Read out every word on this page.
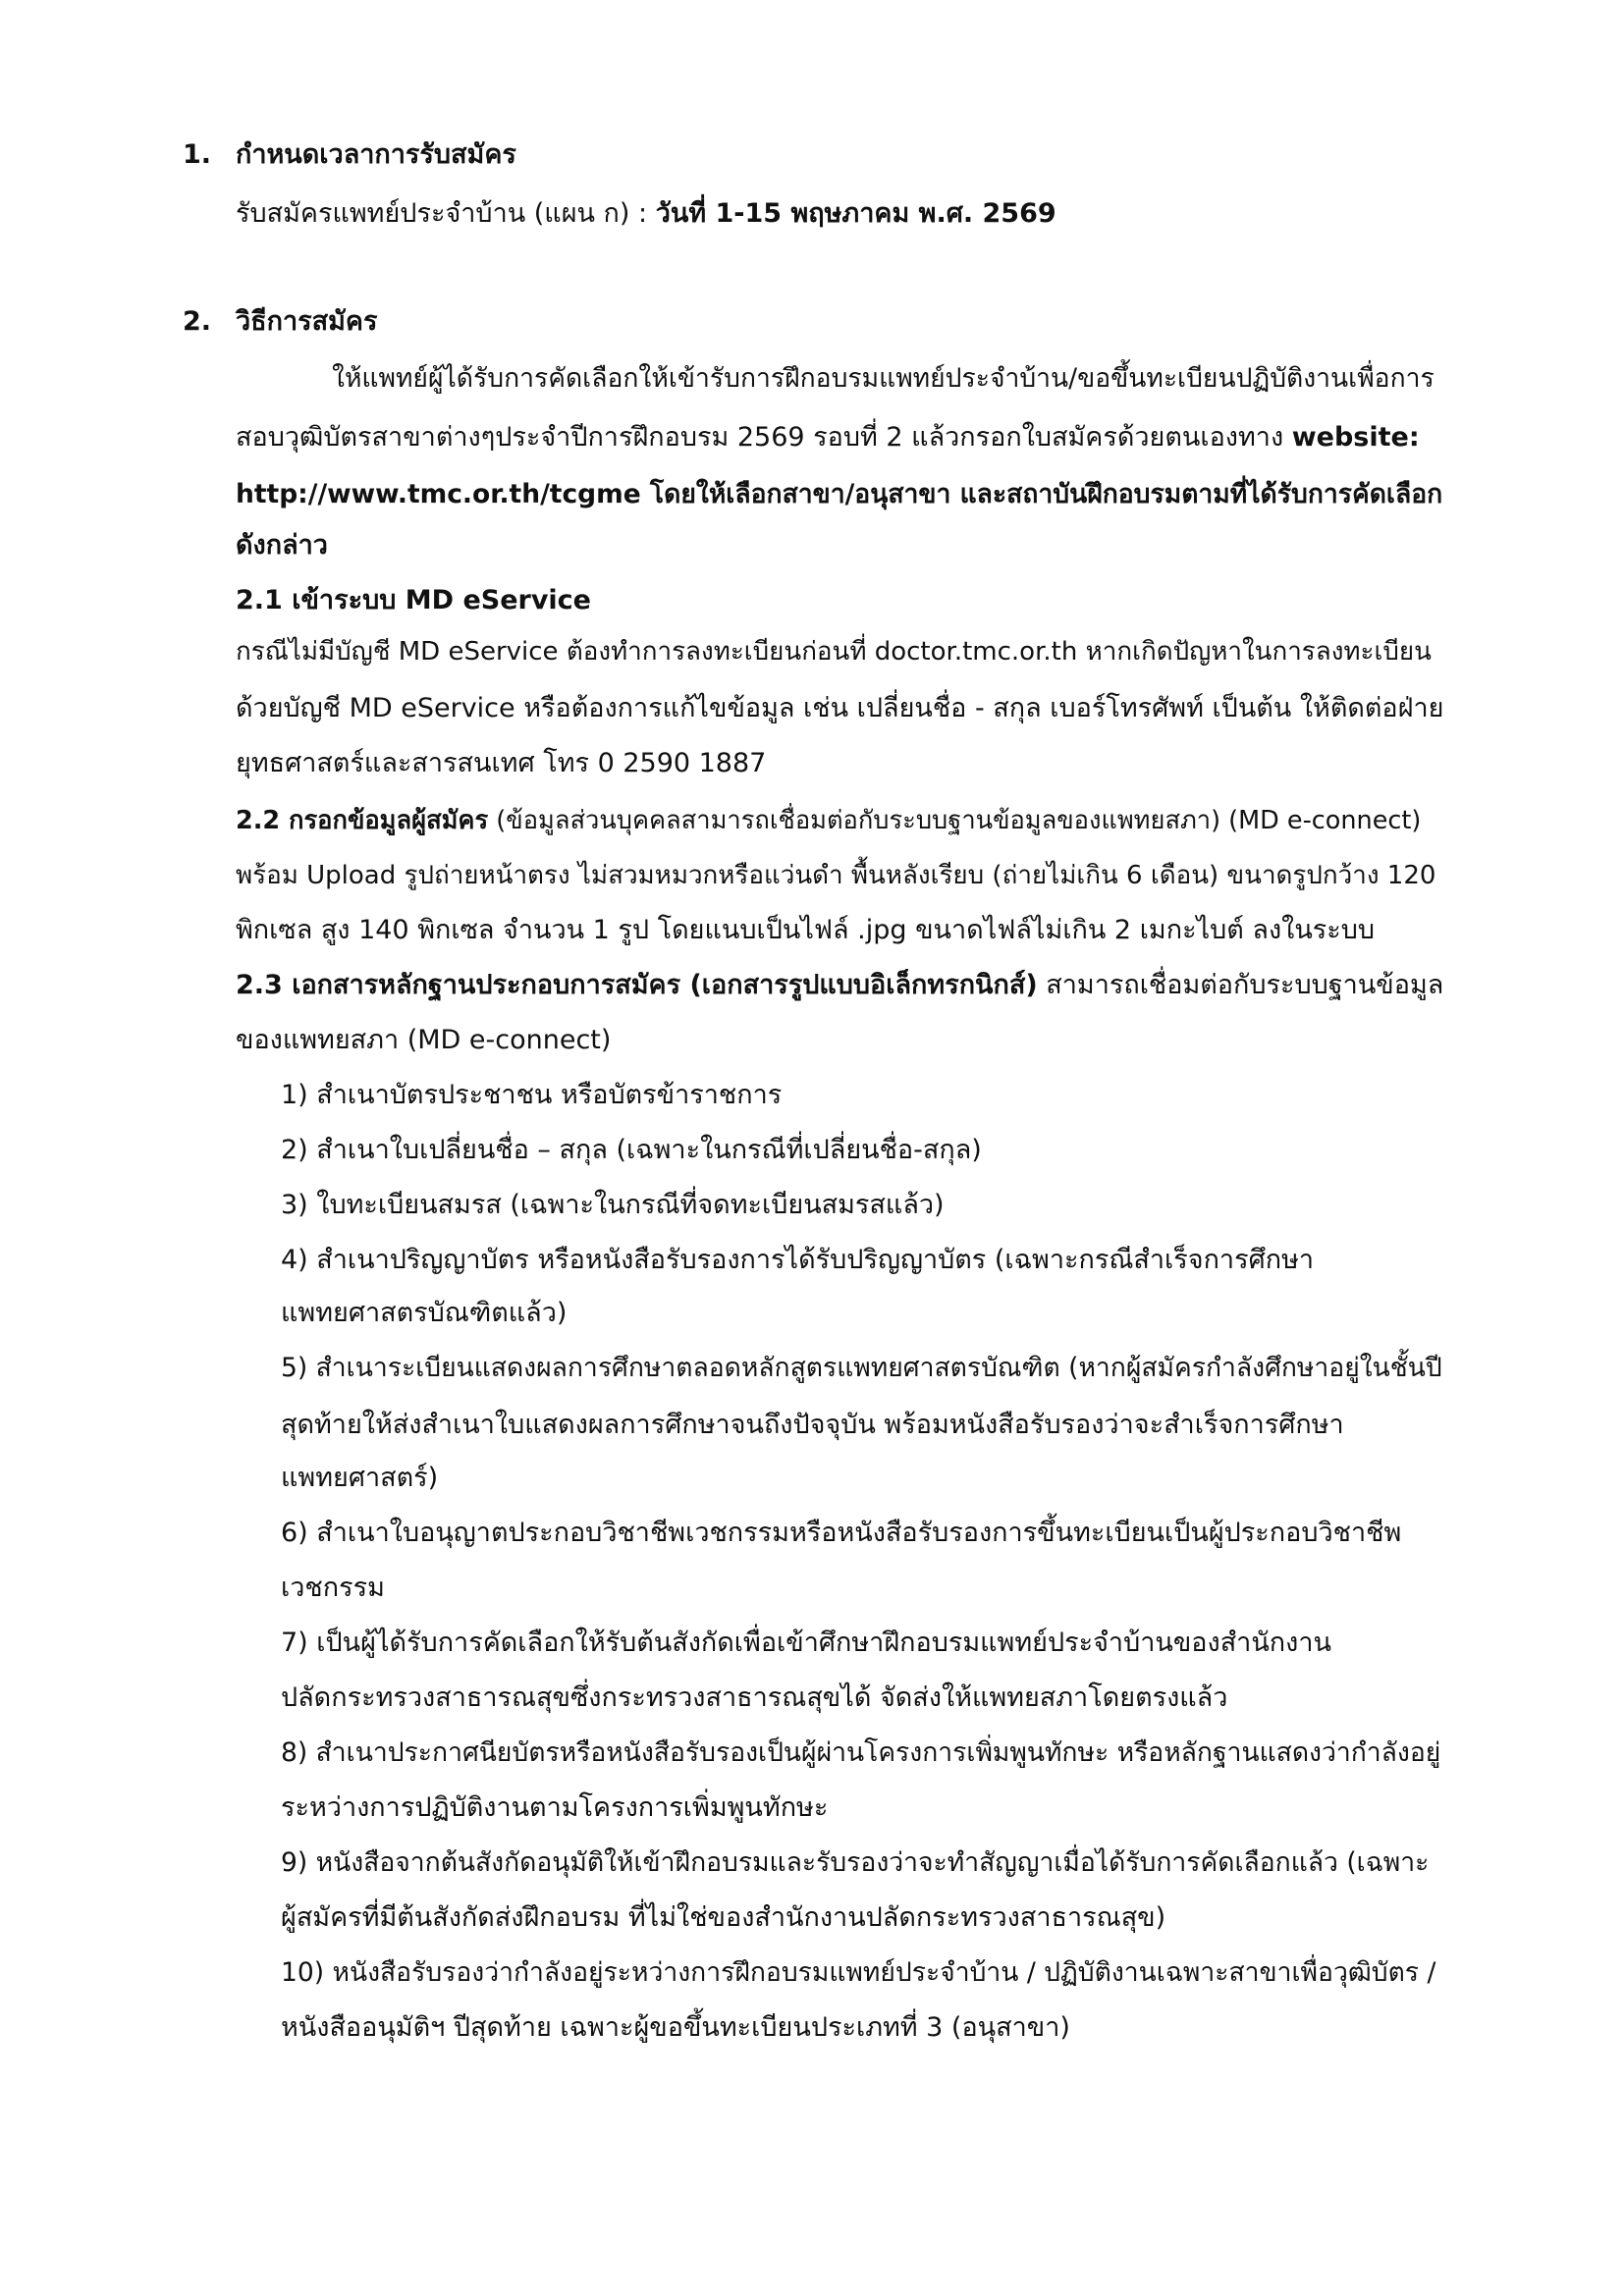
1. กำหนดเวลาการรับสมัคร
รับสมัครแพทย์ประจำบ้าน (แผน ก) : วันที่ 1-15 พฤษภาคม พ.ศ. 2569
2. วิธีการสมัคร
ให้แพทย์ผู้ได้รับการคัดเลือกให้เข้ารับการฝึกอบรมแพทย์ประจำบ้าน/ขอขึ้นทะเบียนปฏิบัติงานเพื่อการ
สอบวุฒิบัตรสาขาต่างๆประจำปีการฝึกอบรม 2569 รอบที่ 2 แล้วกรอกใบสมัครด้วยตนเองทาง website:
http://www.tmc.or.th/tcgme โดยให้เลือกสาขา/อนุสาขา และสถาบันฝึกอบรมตามที่ได้รับการคัดเลือก
ดังกล่าว
2.1 เข้าระบบ MD eService
กรณีไม่มีบัญชี MD eService ต้องทำการลงทะเบียนก่อนที่ doctor.tmc.or.th หากเกิดปัญหาในการลงทะเบียน
ด้วยบัญชี MD eService หรือต้องการแก้ไขข้อมูล เช่น เปลี่ยนชื่อ - สกุล เบอร์โทรศัพท์ เป็นต้น ให้ติดต่อฝ่าย
ยุทธศาสตร์และสารสนเทศ โทร 0 2590 1887
2.2 กรอกข้อมูลผู้สมัคร (ข้อมูลส่วนบุคคลสามารถเชื่อมต่อกับระบบฐานข้อมูลของแพทยสภา) (MD e-connect)
พร้อม Upload รูปถ่ายหน้าตรง ไม่สวมหมวกหรือแว่นดำ พื้นหลังเรียบ (ถ่ายไม่เกิน 6 เดือน) ขนาดรูปกว้าง 120
พิกเซล สูง 140 พิกเซล จำนวน 1 รูป โดยแนบเป็นไฟล์ .jpg ขนาดไฟล์ไม่เกิน 2 เมกะไบต์ ลงในระบบ
2.3 เอกสารหลักฐานประกอบการสมัคร (เอกสารรูปแบบอิเล็กทรกนิกส์) สามารถเชื่อมต่อกับระบบฐานข้อมูล
ของแพทยสภา (MD e-connect)
1) สำเนาบัตรประชาชน หรือบัตรข้าราชการ
2) สำเนาใบเปลี่ยนชื่อ – สกุล (เฉพาะในกรณีที่เปลี่ยนชื่อ-สกุล)
3) ใบทะเบียนสมรส (เฉพาะในกรณีที่จดทะเบียนสมรสแล้ว)
4) สำเนาปริญญาบัตร หรือหนังสือรับรองการได้รับปริญญาบัตร (เฉพาะกรณีสำเร็จการศึกษา
แพทยศาสตรบัณฑิตแล้ว)
5) สำเนาระเบียนแสดงผลการศึกษาตลอดหลักสูตรแพทยศาสตรบัณฑิต (หากผู้สมัครกำลังศึกษาอยู่ในชั้นปี
สุดท้ายให้ส่งสำเนาใบแสดงผลการศึกษาจนถึงปัจจุบัน พร้อมหนังสือรับรองว่าจะสำเร็จการศึกษา
แพทยศาสตร์)
6) สำเนาใบอนุญาตประกอบวิชาชีพเวชกรรมหรือหนังสือรับรองการขึ้นทะเบียนเป็นผู้ประกอบวิชาชีพ
เวชกรรม
7) เป็นผู้ได้รับการคัดเลือกให้รับต้นสังกัดเพื่อเข้าศึกษาฝึกอบรมแพทย์ประจำบ้านของสำนักงาน
ปลัดกระทรวงสาธารณสุขซึ่งกระทรวงสาธารณสุขได้ จัดส่งให้แพทยสภาโดยตรงแล้ว
8) สำเนาประกาศนียบัตรหรือหนังสือรับรองเป็นผู้ผ่านโครงการเพิ่มพูนทักษะ หรือหลักฐานแสดงว่ากำลังอยู่
ระหว่างการปฏิบัติงานตามโครงการเพิ่มพูนทักษะ
9) หนังสือจากต้นสังกัดอนุมัติให้เข้าฝึกอบรมและรับรองว่าจะทำสัญญาเมื่อได้รับการคัดเลือกแล้ว (เฉพาะ
ผู้สมัครที่มีต้นสังกัดส่งฝึกอบรม ที่ไม่ใช่ของสำนักงานปลัดกระทรวงสาธารณสุข)
10) หนังสือรับรองว่ากำลังอยู่ระหว่างการฝึกอบรมแพทย์ประจำบ้าน / ปฏิบัติงานเฉพาะสาขาเพื่อวุฒิบัตร /
หนังสืออนุมัติฯ ปีสุดท้าย เฉพาะผู้ขอขึ้นทะเบียนประเภทที่ 3 (อนุสาขา)
